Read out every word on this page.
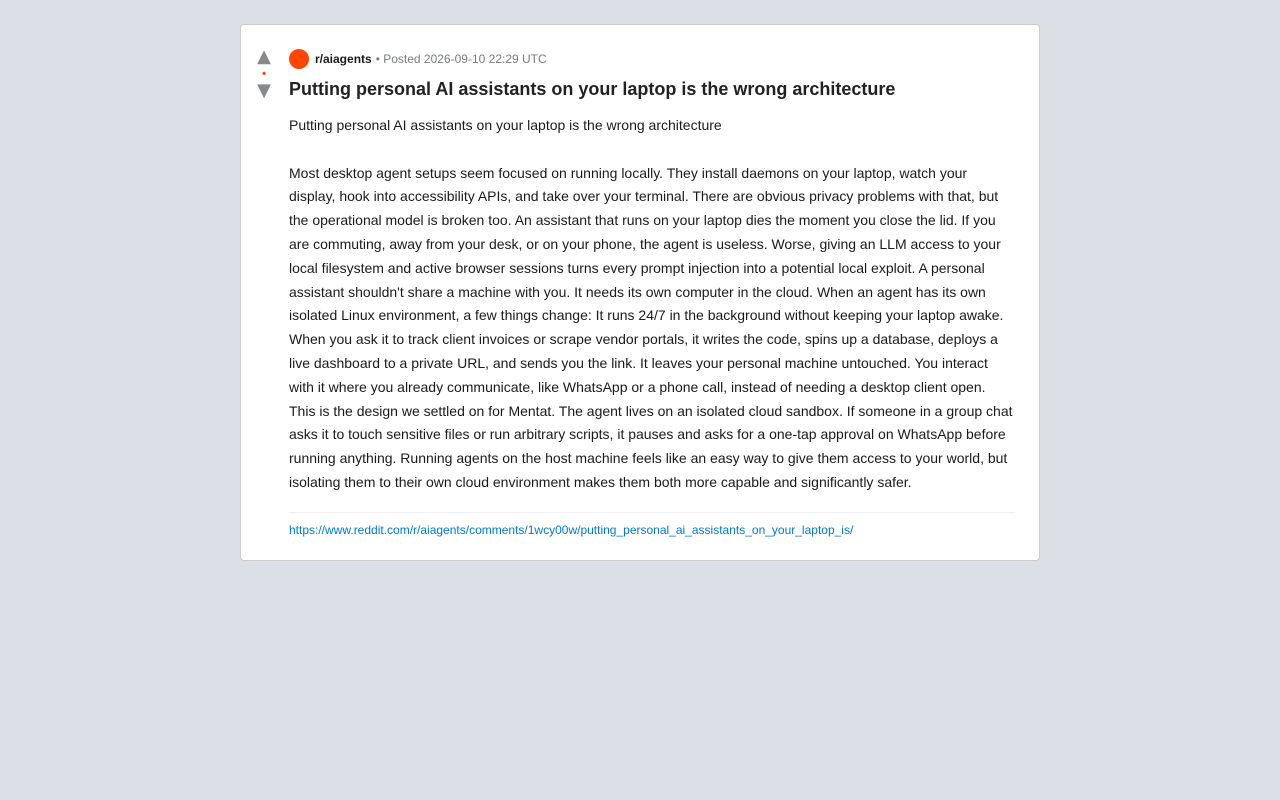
▲
•
▼
r/aiagents • Posted 2026-09-10 22:29 UTC
Putting personal AI assistants on your laptop is the wrong architecture

Putting personal AI assistants on your laptop is the wrong architecture

Most desktop agent setups seem focused on running locally. They install daemons on your laptop, watch your display, hook into accessibility APIs, and take over your terminal. There are obvious privacy problems with that, but the operational model is broken too. An assistant that runs on your laptop dies the moment you close the lid. If you are commuting, away from your desk, or on your phone, the agent is useless. Worse, giving an LLM access to your local filesystem and active browser sessions turns every prompt injection into a potential local exploit. A personal assistant shouldn't share a machine with you. It needs its own computer in the cloud. When an agent has its own isolated Linux environment, a few things change: It runs 24/7 in the background without keeping your laptop awake. When you ask it to track client invoices or scrape vendor portals, it writes the code, spins up a database, deploys a live dashboard to a private URL, and sends you the link. It leaves your personal machine untouched. You interact with it where you already communicate, like WhatsApp or a phone call, instead of needing a desktop client open. This is the design we settled on for Mentat. The agent lives on an isolated cloud sandbox. If someone in a group chat asks it to touch sensitive files or run arbitrary scripts, it pauses and asks for a one-tap approval on WhatsApp before running anything. Running agents on the host machine feels like an easy way to give them access to your world, but isolating them to their own cloud environment makes them both more capable and significantly safer.

https://www.reddit.com/r/aiagents/comments/1wcy00w/putting_personal_ai_assistants_on_your_laptop_is/
